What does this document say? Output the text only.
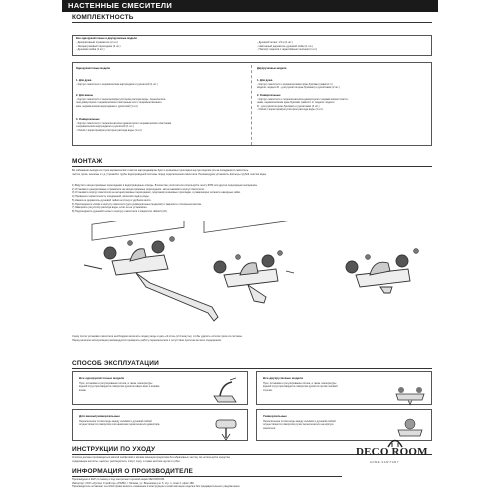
НАСТЕННЫЕ СМЕСИТЕЛИ
КОМПЛЕКТНОСТЬ
Все однорукояточные и двухручковые модели
- Декоративный отражатель (2 шт.)
- Эксцентриковый переходник (2 шт.)
- Душевая лейка (1 шт.)
- Душевой шланг 1.5 м (1 шт.)
- Настенный держатель душевой лейки (1 шт.)
- Паспорт изделия с гарантийным талоном (1 шт.)
Однорукояточные модели
1. Для душа
- Корпус смесителя с керамическим картриджем и рукояткой (1 шт.)
2. Для ванны
- Корпус смесителя с аэратором/регулятором расхода воды, переключате-
лем дивертором с керамическим пластинным или с шаровым механиз-
мом, керамическим картриджем и рукояткой (1 шт.)
3. Универсальные
- Корпус смесителя с переключателем дивертором с керамическим пластинам
и керамическим картриджем и рукояткой (1 шт.)
- Излив с аэратором/регулятором расхода воды (1 шт.)
Двухручковые модели
1. Для душа
- Корпус смесителя с керамическими кран-буксами (зависит от
модели: модели R - для рукояток кран-буксами) и рукоятками (2 шт.)
2. Универсальные
- Корпус смесителя с переключателем-дивертором с керамическим пласти-
нами, керамическими кран-буксами (зависит от модели: модели
R - для рукояток кран-буксами) и рукоятками (2 шт.)
- Излив с аэратором/регулятором расхода воды (1 шт.)
МОНТАЖ
Во избежание выхода из строя керамических пластин картриджа/кран-букс и резиновых прокладок внутри изделия (из-за попадания в смеситель
частиц грязи, окалины и т.д.) промойте трубы водопроводной системы перед подключением смесителя. Рекомендуем установить фильтры грубой очистки воды.
1) Вкрутите эксцентриковые переходники в водопроводные отводы. В качестве уплотнителя используйте ленту ФУМ или другие подходящие материалы.
2) Установите декоративные отражатели на эксцентриковые переходники, затем наживите корпус смесителя.
3) Установите корпус смесителя на эксцентриковые переходники, подложив резиновые прокладки, и равномерно затяните накидные гайки.
4) Проверьте герметичность соединений, включив подачу воды.
5) Навесьте держатель душевой лейки на стену в удобном месте.
6) Присоедините излив к корпусу смесителя (для универсальных моделей) и закрепите стопорным винтом.
7) Заверните регулятор расхода воды, если он не установлен.
8) Подсоедините душевой шланг к корпусу смесителя и закрепите гайкой (1/2).
Сразу после установки смесителя необходимо включить подачу воды и дать ей стечь (2-3 минуты), чтобы удалить остатки грязи из системы.
Перед началом эксплуатации рекомендуется проверить работу переключателя и отсутствие протечек во всех соединениях.
СПОСОБ ЭКСПЛУАТАЦИИ
Все однорукояточные модели
Пуск, остановка и регулирование потока, а также температуры водной струи производится поворотом рукоятки вверх-вниз и вправо-влево.
Все двухручковые модели
Пуск, остановка и регулирование потока, а также температуры водной струи производится поворотом рукояток против часовой стрелки.
Для ванны/универсальные
Переключение потока воды между изливом и душевой лейкой осуществляется поворотом или нажатием переключателя дивертора.
Универсальные
Переключение потока воды между изливом и душевой лейкой осуществляется поворотом ручки переключателя на корпусе смесителя.
ИНСТРУКЦИИ ПО УХОДУ
Очистка должна производиться мягкой салфеткой и мягким моющим средством без абразивных частиц. Не используйте средства
содержащие кислоты, щелочи, растворители, спирт, хлор, а также жесткие щетки и губки.
ИНФОРМАЦИЯ О ПРОИЗВОДИТЕЛЕ
Произведено в КНР по заказу и под контролем торговой марки DECOROOM.
Импортер: ООО «Руссал Стройторг» (РЗЛБ), г. Москва, ул. Вешняков д.м. 5, стр. 1, этаж 2, офис 180.
Производитель оставляет за собой право вносить изменения в конструкцию и комплектацию изделия без предварительного уведомления.
DECO ROOM
HOME SANITARY
